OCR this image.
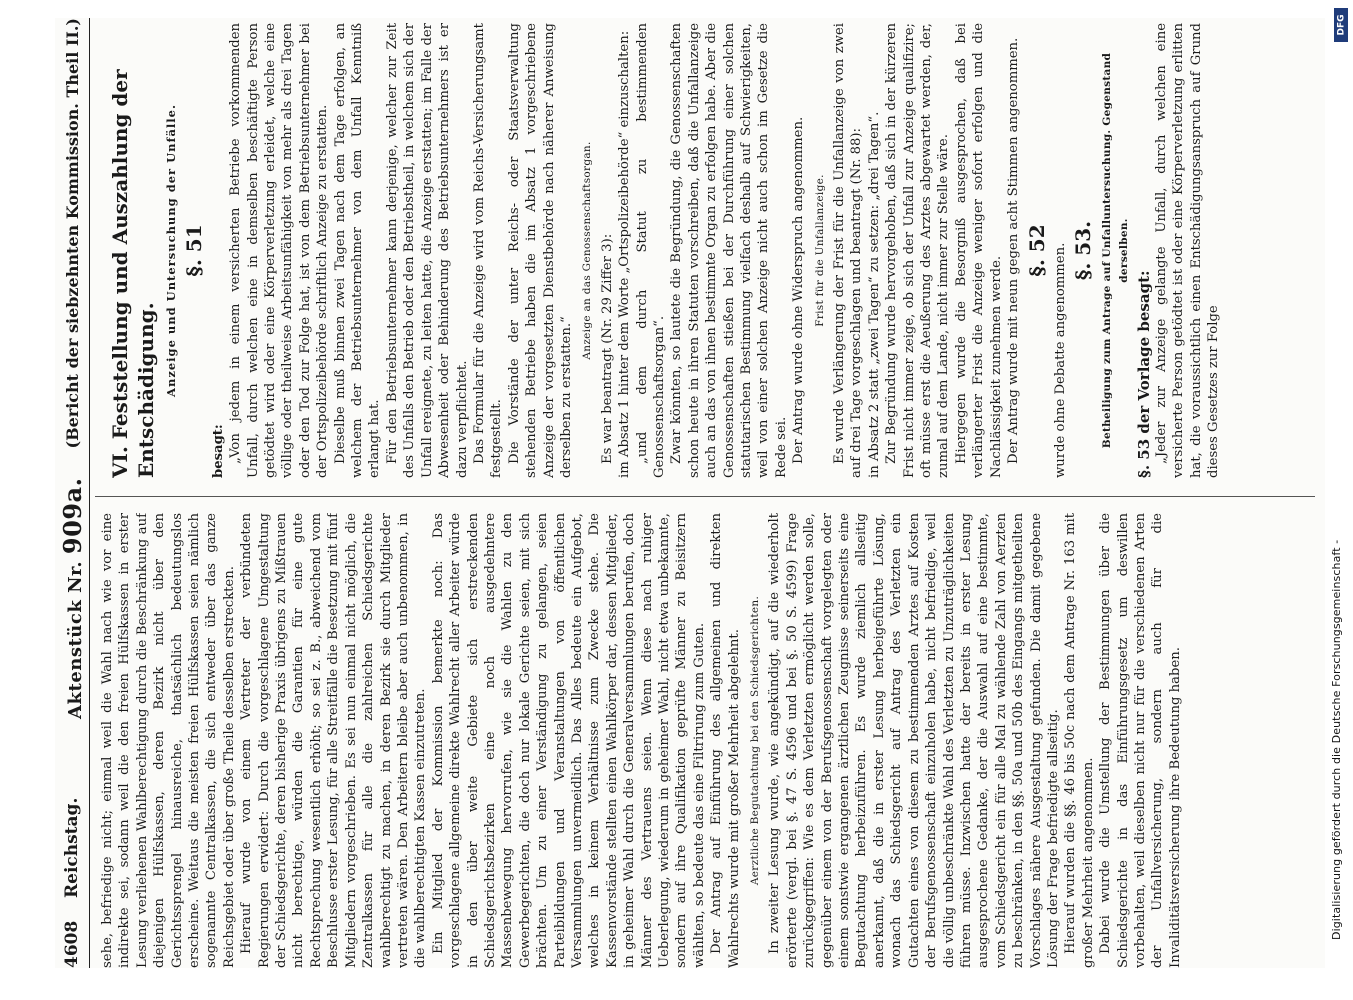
4608
Reichstag.
Aktenstück Nr. 909a.
(Bericht der siebzehnten Kommission. Theil II.)

sehe, befriedige nicht; einmal weil die Wahl nach wie vor eine indirekte sei, sodann weil die den freien Hülfskassen in erster Lesung verliehenen Wahlberechtigung durch die Beschränkung auf diejenigen Hülfskassen, deren Bezirk nicht über den Gerichtssprengel hinausreiche, thatsächlich bedeutungslos erscheine. Weitaus die meisten freien Hülfskassen seien nämlich sogenannte Centralkassen, die sich entweder über das ganze Reichsgebiet oder über große Theile desselben erstreckten. Hierauf wurde von einem Vertreter der verbündeten Regierungen erwidert: Durch die vorgeschlagene Umgestaltung der Schiedsgerichte, deren bisherige Praxis übrigens zu Mißtrauen nicht berechtige, würden die Garantien für eine gute Rechtsprechung wesentlich erhöht; so sei z. B., abweichend vom Beschlusse erster Lesung, für alle Streitfälle die Besetzung mit fünf Mitgliedern vorgeschrieben. Es sei nun einmal nicht möglich, die Zentralkassen für alle die zahlreichen Schiedsgerichte wahlberechtigt zu machen, in deren Bezirk sie durch Mitglieder vertreten wären. Den Arbeitern bleibe aber auch unbenommen, in die wahlberechtigten Kassen einzutreten. Ein Mitglied der Kommission bemerkte noch: Das vorgeschlagene allgemeine direkte Wahlrecht aller Arbeiter würde in den über weite Gebiete sich erstreckenden Schiedsgerichtsbezirken eine noch ausgedehntere Massenbewegung hervorrufen, wie sie die Wahlen zu den Gewerbegerichten, die doch nur lokale Gerichte seien, mit sich brächten. Um zu einer Verständigung zu gelangen, seien Parteibildungen und Veranstaltungen von öffentlichen Versammlungen unvermeidlich. Das Alles bedeute ein Aufgebot, welches in keinem Verhältnisse zum Zwecke stehe. Die Kassenvorstände stellten einen Wahlkörper dar, dessen Mitglieder, in geheimer Wahl durch die Generalversammlungen berufen, doch Männer des Vertrauens seien. Wenn diese nach ruhiger Ueberlegung, wiederum in geheimer Wahl, nicht etwa unbekannte, sondern auf ihre Qualifikation geprüfte Männer zu Beisitzern wählten, so bedeute das eine Filtrirung zum Guten. Der Antrag auf Einführung des allgemeinen und direkten Wahlrechts wurde mit großer Mehrheit abgelehnt. Aerztliche Begutachtung bei den Schiedsgerichten. In zweiter Lesung wurde, wie angekündigt, auf die wiederholt erörterte (vergl. bei §. 47 S. 4596 und bei §. 50 S. 4599) Frage zurückgegriffen: Wie es dem Verletzten ermöglicht werden solle, gegenüber einem von der Berufsgenossenschaft vorgelegten oder einem sonstwie ergangenen ärztlichen Zeugnisse seinerseits eine Begutachtung herbeizuführen. Es wurde ziemlich allseitig anerkannt, daß die in erster Lesung herbeigeführte Lösung, wonach das Schiedsgericht auf Antrag des Verletzten ein Gutachten eines von diesem zu bestimmenden Arztes auf Kosten der Berufsgenossenschaft einzuholen habe, nicht befriedige, weil die völlig unbeschränkte Wahl des Verletzten zu Unzuträglichkeiten führen müsse. Inzwischen hatte der bereits in erster Lesung ausgesprochene Gedanke, der die Auswahl auf eine bestimmte, vom Schiedsgericht ein für alle Mal zu wählende Zahl von Aerzten zu beschränken, in den §§. 50a und 50b des Eingangs mitgetheilten Vorschlages nähere Ausgestaltung gefunden. Die damit gegebene Lösung der Frage befriedigte allseitig. Hierauf wurden die §§. 46 bis 50c nach dem Antrage Nr. 163 mit großer Mehrheit angenommen. Dabei wurde die Umstellung der Bestimmungen über die Schiedsgerichte in das Einführungsgesetz um deswillen vorbehalten, weil dieselben nicht nur für die verschiedenen Arten der Unfallversicherung, sondern auch für die Invaliditätsversicherung ihre Bedeutung haben.

VI. Feststellung und Auszahlung der Entschädigung. Anzeige und Untersuchung der Unfälle. §. 51

besagt: „Von jedem in einem versicherten Betriebe vorkommenden Unfall, durch welchen eine in demselben beschäftigte Person getödtet wird oder eine Körperverletzung erleidet, welche eine völlige oder theilweise Arbeitsunfähigkeit von mehr als drei Tagen oder den Tod zur Folge hat, ist von dem Betriebsunternehmer bei der Ortspolizeibehörde schriftlich Anzeige zu erstatten. Dieselbe muß binnen zwei Tagen nach dem Tage erfolgen, an welchem der Betriebsunternehmer von dem Unfall Kenntniß erlangt hat. Für den Betriebsunternehmer kann derjenige, welcher zur Zeit des Unfalls den Betrieb oder den Betriebstheil, in welchem sich der Unfall ereignete, zu leiten hatte, die Anzeige erstatten; im Falle der Abwesenheit oder Behinderung des Betriebsunternehmers ist er dazu verpflichtet. Das Formular für die Anzeige wird vom Reichs-Versicherungsamt festgestellt. Die Vorstände der unter Reichs- oder Staatsverwaltung stehenden Betriebe haben die im Absatz 1 vorgeschriebene Anzeige der vorgesetzten Dienstbehörde nach näherer Anweisung derselben zu erstatten.“

Anzeige an das Genossenschaftsorgan. Es war beantragt (Nr. 29 Ziffer 3): im Absatz 1 hinter dem Worte „Ortspolizeibehörde“ einzuschalten: „und dem durch Statut zu bestimmenden Genossenschaftsorgan“. Zwar könnten, so lautete die Begründung, die Genossenschaften schon heute in ihren Statuten vorschreiben, daß die Unfallanzeige auch an das von ihnen bestimmte Organ zu erfolgen habe. Aber die Genossenschaften stießen bei der Durchführung einer solchen statutarischen Bestimmung vielfach deshalb auf Schwierigkeiten, weil von einer solchen Anzeige nicht auch schon im Gesetze die Rede sei. Der Antrag wurde ohne Widerspruch angenommen. Frist für die Unfallanzeige. Es wurde Verlängerung der Frist für die Unfallanzeige von zwei auf drei Tage vorgeschlagen und beantragt (Nr. 88): in Absatz 2 statt „zwei Tagen“ zu setzen: „drei Tagen“. Zur Begründung wurde hervorgehoben, daß sich in der kürzeren Frist nicht immer zeige, ob sich der Unfall zur Anzeige qualifizire; oft müsse erst die Aeußerung des Arztes abgewartet werden, der, zumal auf dem Lande, nicht immer zur Stelle wäre. Hiergegen wurde die Besorgniß ausgesprochen, daß bei verlängerter Frist die Anzeige weniger sofort erfolgen und die Nachlässigkeit zunehmen werde. Der Antrag wurde mit neun gegen acht Stimmen angenommen. §. 52 wurde ohne Debatte angenommen. §. 53. Betheiligung zum Antrage auf Unfalluntersuchung. Gegenstand derselben.

§. 53 der Vorlage besagt: „Jeder zur Anzeige gelangte Unfall, durch welchen eine versicherte Person getödtet ist oder eine Körperverletzung erlitten hat, die voraussichtlich einen Entschädigungsanspruch auf Grund dieses Gesetzes zur Folge

Digitalisierung gefördert durch die Deutsche Forschungsgemeinschaft -
DFG
